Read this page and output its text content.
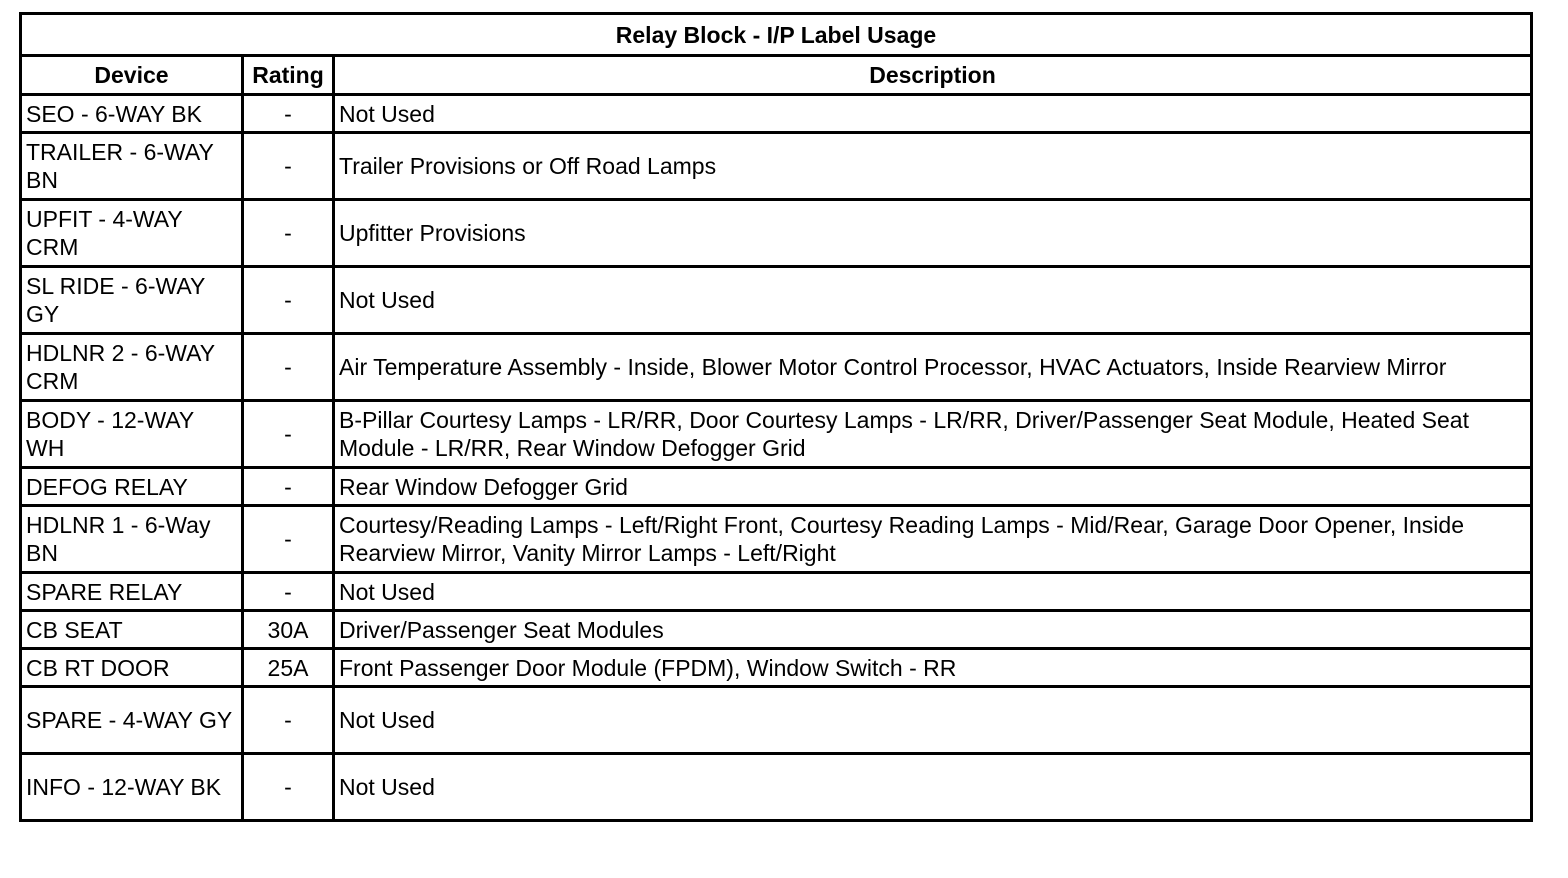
Relay Block - I/P Label Usage		
Device	Rating	Description
SEO - 6-WAY BK	-	Not Used
TRAILER - 6-WAY BN	-	Trailer Provisions or Off Road Lamps
UPFIT - 4-WAY CRM	-	Upfitter Provisions
SL RIDE - 6-WAY GY	-	Not Used
HDLNR 2 - 6-WAY CRM	-	Air Temperature Assembly - Inside, Blower Motor Control Processor, HVAC Actuators, Inside Rearview Mirror
BODY - 12-WAY WH	-	B-Pillar Courtesy Lamps - LR/RR, Door Courtesy Lamps - LR/RR, Driver/Passenger Seat Module, Heated Seat Module - LR/RR, Rear Window Defogger Grid
DEFOG RELAY	-	Rear Window Defogger Grid
HDLNR 1 - 6-Way BN	-	Courtesy/Reading Lamps - Left/Right Front, Courtesy Reading Lamps - Mid/Rear, Garage Door Opener, Inside Rearview Mirror, Vanity Mirror Lamps - Left/Right
SPARE RELAY	-	Not Used
CB SEAT	30A	Driver/Passenger Seat Modules
CB RT DOOR	25A	Front Passenger Door Module (FPDM), Window Switch - RR
SPARE - 4-WAY GY	-	Not Used
INFO - 12-WAY BK	-	Not Used
